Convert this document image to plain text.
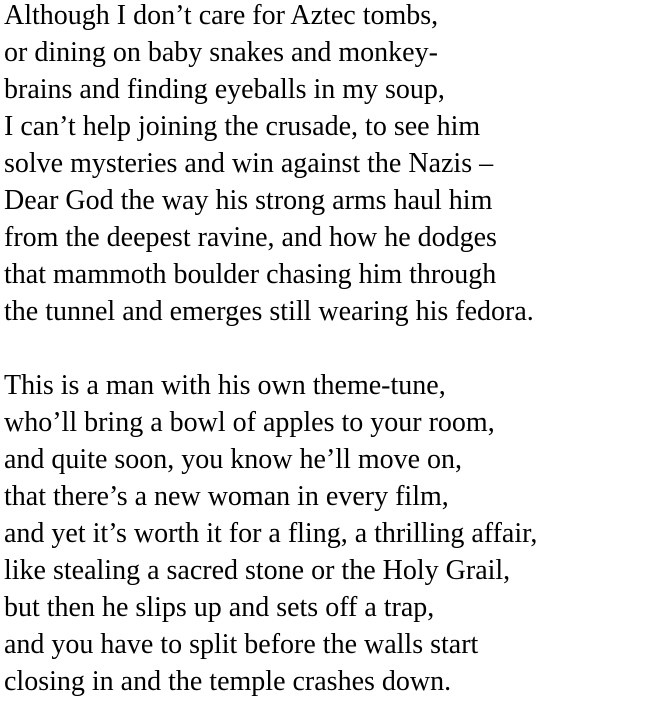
Although I don’t care for Aztec tombs,
or dining on baby snakes and monkey-
brains and finding eyeballs in my soup,
I can’t help joining the crusade, to see him
solve mysteries and win against the Nazis –
Dear God the way his strong arms haul him
from the deepest ravine, and how he dodges
that mammoth boulder chasing him through
the tunnel and emerges still wearing his fedora.
This is a man with his own theme-tune,
who’ll bring a bowl of apples to your room,
and quite soon, you know he’ll move on,
that there’s a new woman in every film,
and yet it’s worth it for a fling, a thrilling affair,
like stealing a sacred stone or the Holy Grail,
but then he slips up and sets off a trap,
and you have to split before the walls start
closing in and the temple crashes down.
